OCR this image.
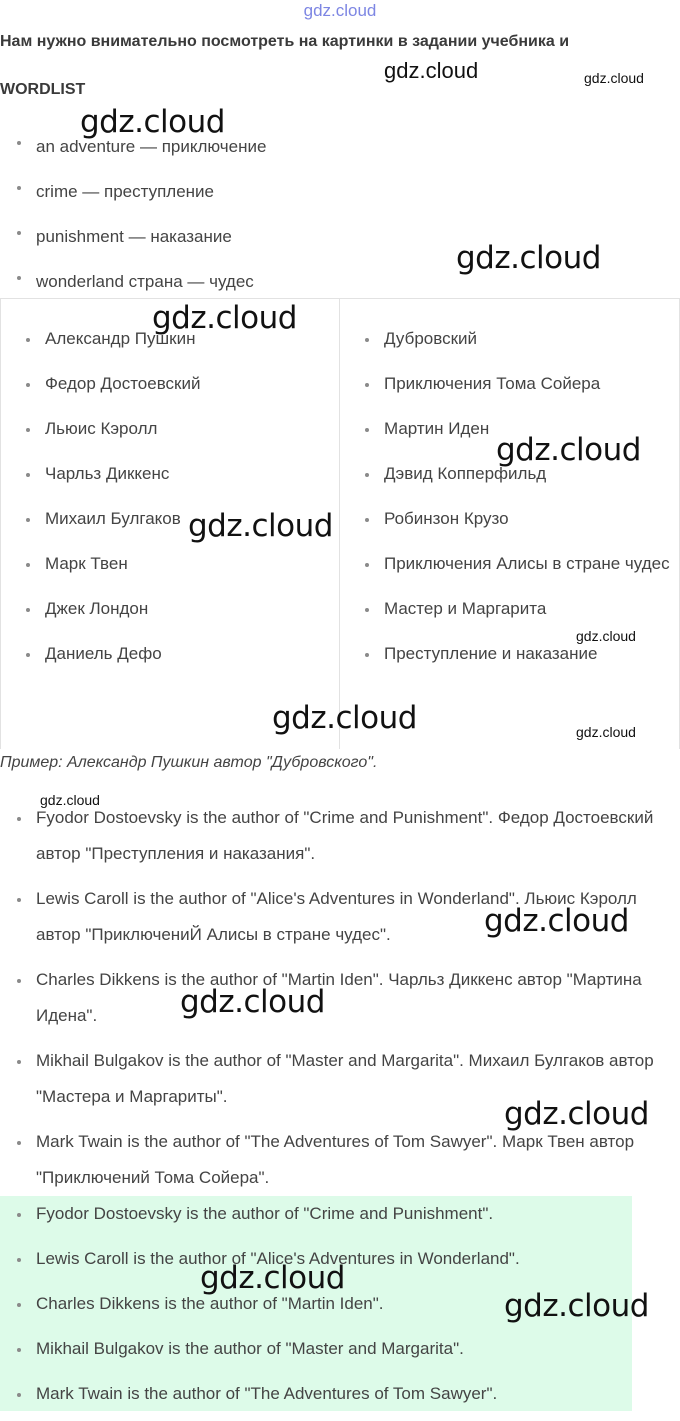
gdz.cloud
Нам нужно внимательно посмотреть на картинки в задании учебника и
WORDLIST
an adventure — приключение
crime — преступление
punishment — наказание
wonderland страна — чудес
Александр Пушкин
Федор Достоевский
Льюис Кэролл
Чарльз Диккенс
Михаил Булгаков
Марк Твен
Джек Лондон
Даниель Дефо
Дубровский
Приключения Тома Сойера
Мартин Иден
Дэвид Копперфильд
Робинзон Крузо
Приключения Алисы в стране чудес
Мастер и Маргарита
Преступление и наказание
Пример: Александр Пушкин автор "Дубровского".
Fyodor Dostoevsky is the author of "Crime and Punishment". Федор Достоевский автор "Преступления и наказания".
Lewis Caroll is the author of "Alice's Adventures in Wonderland". Льюис Кэролл автор "ПриключениЙ Алисы в стране чудес".
Charles Dikkens is the author of "Martin Iden". Чарльз Диккенс автор "Мартина Идена".
Mikhail Bulgakov is the author of "Master and Margarita". Михаил Булгаков автор "Мастера и Маргариты".
Mark Twain is the author of "The Adventures of Tom Sawyer". Марк Твен автор "Приключений Тома Сойера".
Fyodor Dostoevsky is the author of "Crime and Punishment".
Lewis Caroll is the author of "Alice's Adventures in Wonderland".
Charles Dikkens is the author of "Martin Iden".
Mikhail Bulgakov is the author of "Master and Margarita".
Mark Twain is the author of "The Adventures of Tom Sawyer".
gdz.cloud	gdz.cloud
gdz.cloud
gdz.cloud
gdz.cloud
gdz.cloud
gdz.cloud
gdz.cloud
gdz.cloud	gdz.cloud
gdz.cloud
gdz.cloud
gdz.cloud
gdz.cloud
gdz.cloud
gdz.cloud
